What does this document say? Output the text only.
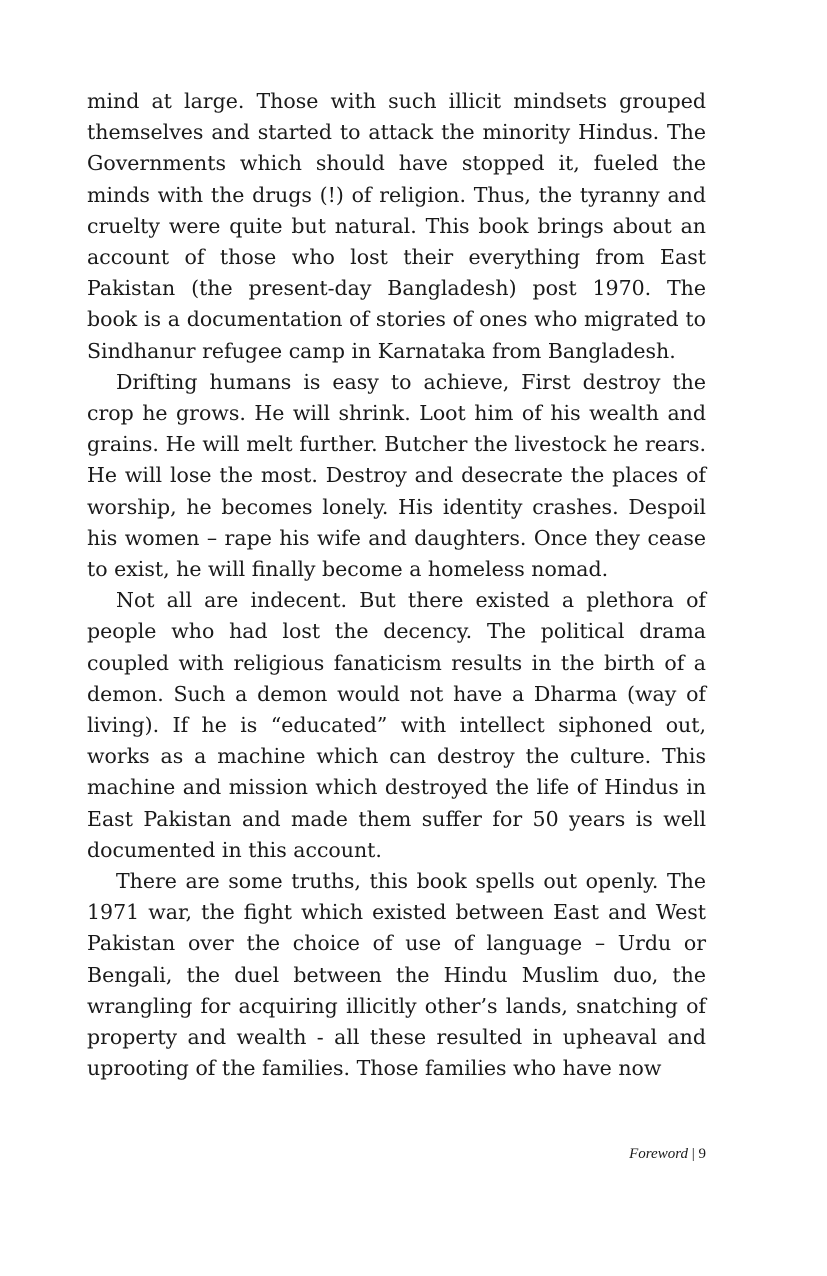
mind at large. Those with such illicit mindsets grouped themselves and started to attack the minority Hindus. The Governments which should have stopped it, fueled the minds with the drugs (!) of religion. Thus, the tyranny and cruelty were quite but natural. This book brings about an account of those who lost their everything from East Pakistan (the present-day Bangladesh) post 1970. The book is a documentation of stories of ones who migrated to Sindhanur refugee camp in Karnataka from Bangladesh.

Drifting humans is easy to achieve, First destroy the crop he grows. He will shrink. Loot him of his wealth and grains. He will melt further. Butcher the livestock he rears. He will lose the most. Destroy and desecrate the places of worship, he becomes lonely. His identity crashes. Despoil his women – rape his wife and daughters. Once they cease to exist, he will finally become a homeless nomad.

Not all are indecent. But there existed a plethora of people who had lost the decency. The political drama coupled with religious fanaticism results in the birth of a demon. Such a demon would not have a Dharma (way of living). If he is “educated” with intellect siphoned out, works as a machine which can destroy the culture. This machine and mission which destroyed the life of Hindus in East Pakistan and made them suffer for 50 years is well documented in this account.

There are some truths, this book spells out openly. The 1971 war, the fight which existed between East and West Pakistan over the choice of use of language – Urdu or Bengali, the duel between the Hindu Muslim duo, the wrangling for acquiring illicitly other’s lands, snatching of property and wealth - all these resulted in upheaval and uprooting of the families. Those families who have now

Foreword | 9
